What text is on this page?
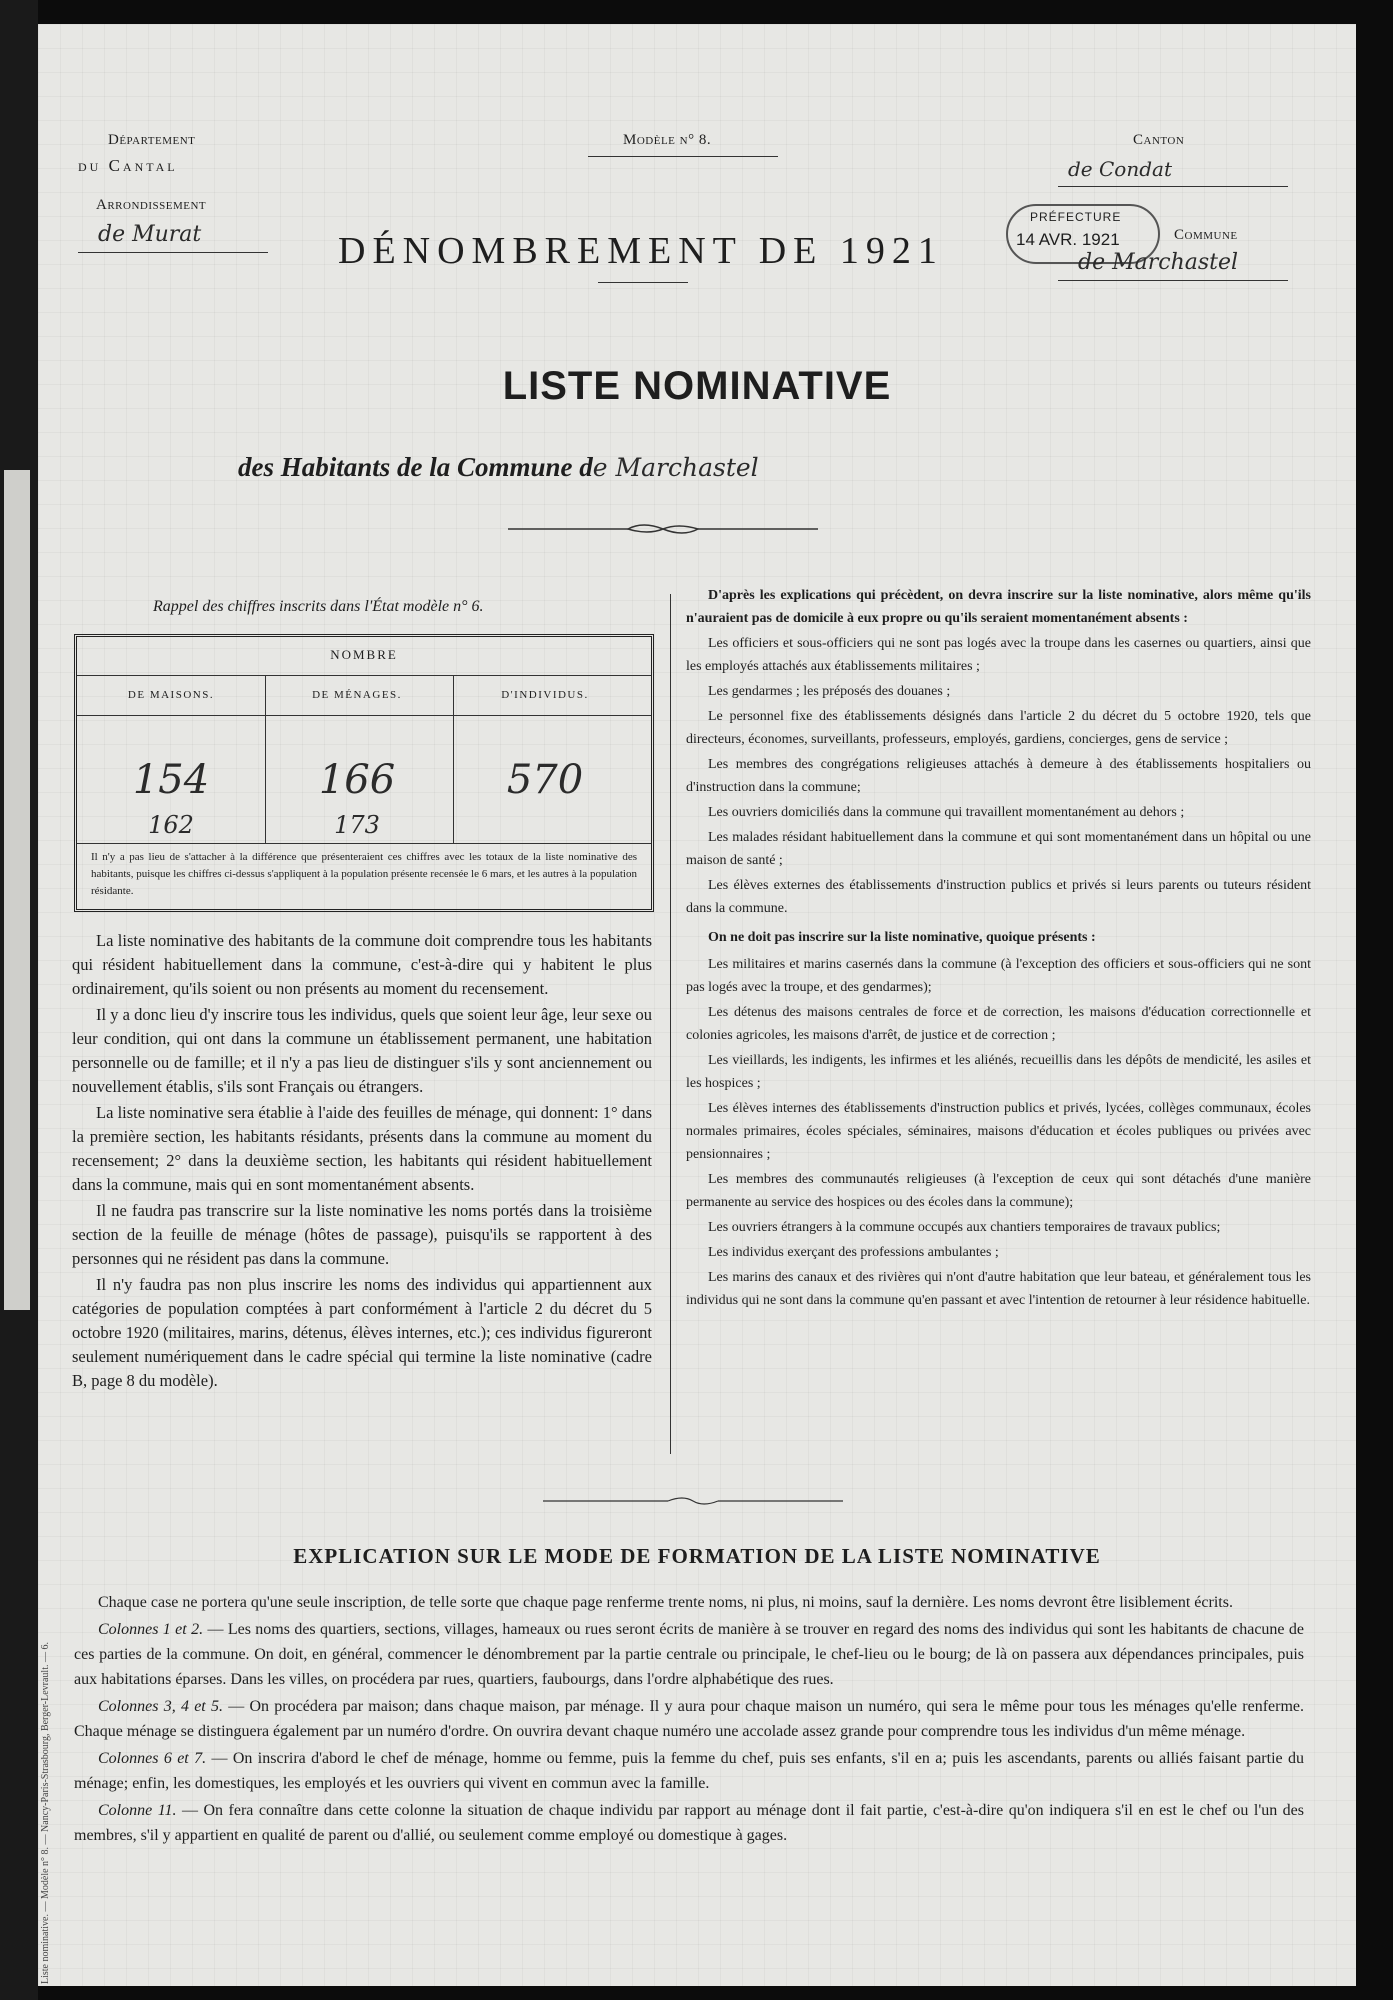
Département
du Cantal
Arrondissement
de Murat
Modèle n° 8.
DÉNOMBREMENT DE 1921
PRÉFECTURE
14 AVR. 1921
Canton
de Condat
Commune
de Marchastel
LISTE NOMINATIVE
des Habitants de la Commune de Marchastel
Rappel des chiffres inscrits dans l'État modèle n° 6.
NOMBRE
DE MAISONS.	DE MÉNAGES.	D'INDIVIDUS.
154	166	570
162	173
Il n'y a pas lieu de s'attacher à la différence que présenteraient ces chiffres avec les totaux de la liste nominative des habitants, puisque les chiffres ci-dessus s'appliquent à la population présente recensée le 6 mars, et les autres à la population résidante.

La liste nominative des habitants de la commune doit comprendre tous les habitants qui résident habituellement dans la commune, c'est-à-dire qui y habitent le plus ordinairement, qu'ils soient ou non présents au moment du recensement.

Il y a donc lieu d'y inscrire tous les individus, quels que soient leur âge, leur sexe ou leur condition, qui ont dans la commune un établissement permanent, une habitation personnelle ou de famille; et il n'y a pas lieu de distinguer s'ils y sont anciennement ou nouvellement établis, s'ils sont Français ou étrangers.

La liste nominative sera établie à l'aide des feuilles de ménage, qui donnent: 1° dans la première section, les habitants résidants, présents dans la commune au moment du recensement; 2° dans la deuxième section, les habitants qui résident habituellement dans la commune, mais qui en sont momentanément absents.

Il ne faudra pas transcrire sur la liste nominative les noms portés dans la troisième section de la feuille de ménage (hôtes de passage), puisqu'ils se rapportent à des personnes qui ne résident pas dans la commune.

Il n'y faudra pas non plus inscrire les noms des individus qui appartiennent aux catégories de population comptées à part conformément à l'article 2 du décret du 5 octobre 1920 (militaires, marins, détenus, élèves internes, etc.); ces individus figureront seulement numériquement dans le cadre spécial qui termine la liste nominative (cadre B, page 8 du modèle).

D'après les explications qui précèdent, on devra inscrire sur la liste nominative, alors même qu'ils n'auraient pas de domicile à eux propre ou qu'ils seraient momentanément absents :

Les officiers et sous-officiers qui ne sont pas logés avec la troupe dans les casernes ou quartiers, ainsi que les employés attachés aux établissements militaires ;

Les gendarmes ; les préposés des douanes ;

Le personnel fixe des établissements désignés dans l'article 2 du décret du 5 octobre 1920, tels que directeurs, économes, surveillants, professeurs, employés, gardiens, concierges, gens de service ;

Les membres des congrégations religieuses attachés à demeure à des établissements hospitaliers ou d'instruction dans la commune;

Les ouvriers domiciliés dans la commune qui travaillent momentanément au dehors ;

Les malades résidant habituellement dans la commune et qui sont momentanément dans un hôpital ou une maison de santé ;

Les élèves externes des établissements d'instruction publics et privés si leurs parents ou tuteurs résident dans la commune.

On ne doit pas inscrire sur la liste nominative, quoique présents :

Les militaires et marins casernés dans la commune (à l'exception des officiers et sous-officiers qui ne sont pas logés avec la troupe, et des gendarmes);

Les détenus des maisons centrales de force et de correction, les maisons d'éducation correctionnelle et colonies agricoles, les maisons d'arrêt, de justice et de correction ;

Les vieillards, les indigents, les infirmes et les aliénés, recueillis dans les dépôts de mendicité, les asiles et les hospices ;

Les élèves internes des établissements d'instruction publics et privés, lycées, collèges communaux, écoles normales primaires, écoles spéciales, séminaires, maisons d'éducation et écoles publiques ou privées avec pensionnaires ;

Les membres des communautés religieuses (à l'exception de ceux qui sont détachés d'une manière permanente au service des hospices ou des écoles dans la commune);

Les ouvriers étrangers à la commune occupés aux chantiers temporaires de travaux publics;

Les individus exerçant des professions ambulantes ;

Les marins des canaux et des rivières qui n'ont d'autre habitation que leur bateau, et généralement tous les individus qui ne sont dans la commune qu'en passant et avec l'intention de retourner à leur résidence habituelle.

EXPLICATION SUR LE MODE DE FORMATION DE LA LISTE NOMINATIVE

Chaque case ne portera qu'une seule inscription, de telle sorte que chaque page renferme trente noms, ni plus, ni moins, sauf la dernière. Les noms devront être lisiblement écrits.

Colonnes 1 et 2. — Les noms des quartiers, sections, villages, hameaux ou rues seront écrits de manière à se trouver en regard des noms des individus qui sont les habitants de chacune de ces parties de la commune. On doit, en général, commencer le dénombrement par la partie centrale ou principale, le chef-lieu ou le bourg; de là on passera aux dépendances principales, puis aux habitations éparses. Dans les villes, on procédera par rues, quartiers, faubourgs, dans l'ordre alphabétique des rues.

Colonnes 3, 4 et 5. — On procédera par maison; dans chaque maison, par ménage. Il y aura pour chaque maison un numéro, qui sera le même pour tous les ménages qu'elle renferme. Chaque ménage se distinguera également par un numéro d'ordre. On ouvrira devant chaque numéro une accolade assez grande pour comprendre tous les individus d'un même ménage.

Colonnes 6 et 7. — On inscrira d'abord le chef de ménage, homme ou femme, puis la femme du chef, puis ses enfants, s'il en a; puis les ascendants, parents ou alliés faisant partie du ménage; enfin, les domestiques, les employés et les ouvriers qui vivent en commun avec la famille.

Colonne 11. — On fera connaître dans cette colonne la situation de chaque individu par rapport au ménage dont il fait partie, c'est-à-dire qu'on indiquera s'il en est le chef ou l'un des membres, s'il y appartient en qualité de parent ou d'allié, ou seulement comme employé ou domestique à gages.

Liste nominative. — Modèle n° 8. — Nancy-Paris-Strasbourg, Berger-Levrault. — 6.
